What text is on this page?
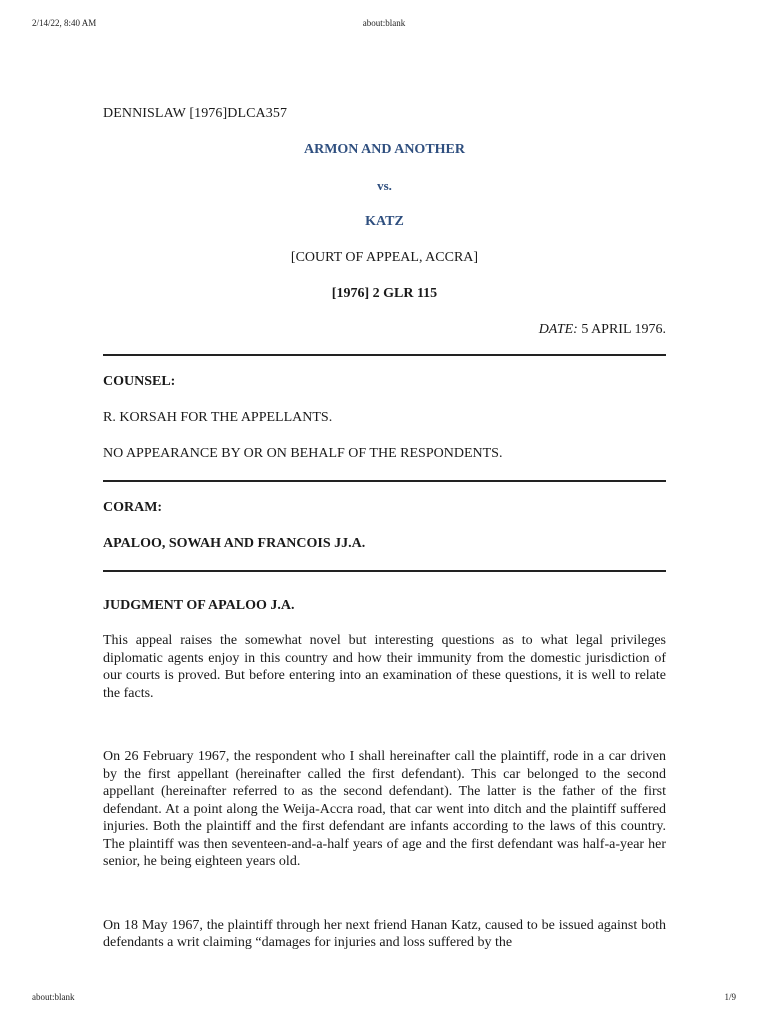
2/14/22, 8:40 AM	about:blank
DENNISLAW [1976]DLCA357
ARMON AND ANOTHER
vs.
KATZ
[COURT OF APPEAL, ACCRA]
[1976] 2 GLR 115
DATE: 5 APRIL 1976.
COUNSEL:
R. KORSAH FOR THE APPELLANTS.
NO APPEARANCE BY OR ON BEHALF OF THE RESPONDENTS.
CORAM:
APALOO, SOWAH AND FRANCOIS JJ.A.
JUDGMENT OF APALOO J.A.

This appeal raises the somewhat novel but interesting questions as to what legal privileges diplomatic agents enjoy in this country and how their immunity from the domestic jurisdiction of our courts is proved. But before entering into an examination of these questions, it is well to relate the facts.

On 26 February 1967, the respondent who I shall hereinafter call the plaintiff, rode in a car driven by the first appellant (hereinafter called the first defendant). This car belonged to the second appellant (hereinafter referred to as the second defendant). The latter is the father of the first defendant. At a point along the Weija-Accra road, that car went into ditch and the plaintiff suffered injuries. Both the plaintiff and the first defendant are infants according to the laws of this country. The plaintiff was then seventeen-and-a-half years of age and the first defendant was half-a-year her senior, he being eighteen years old.

On 18 May 1967, the plaintiff through her next friend Hanan Katz, caused to be issued against both defendants a writ claiming “damages for injuries and loss suffered by the

about:blank	1/9
